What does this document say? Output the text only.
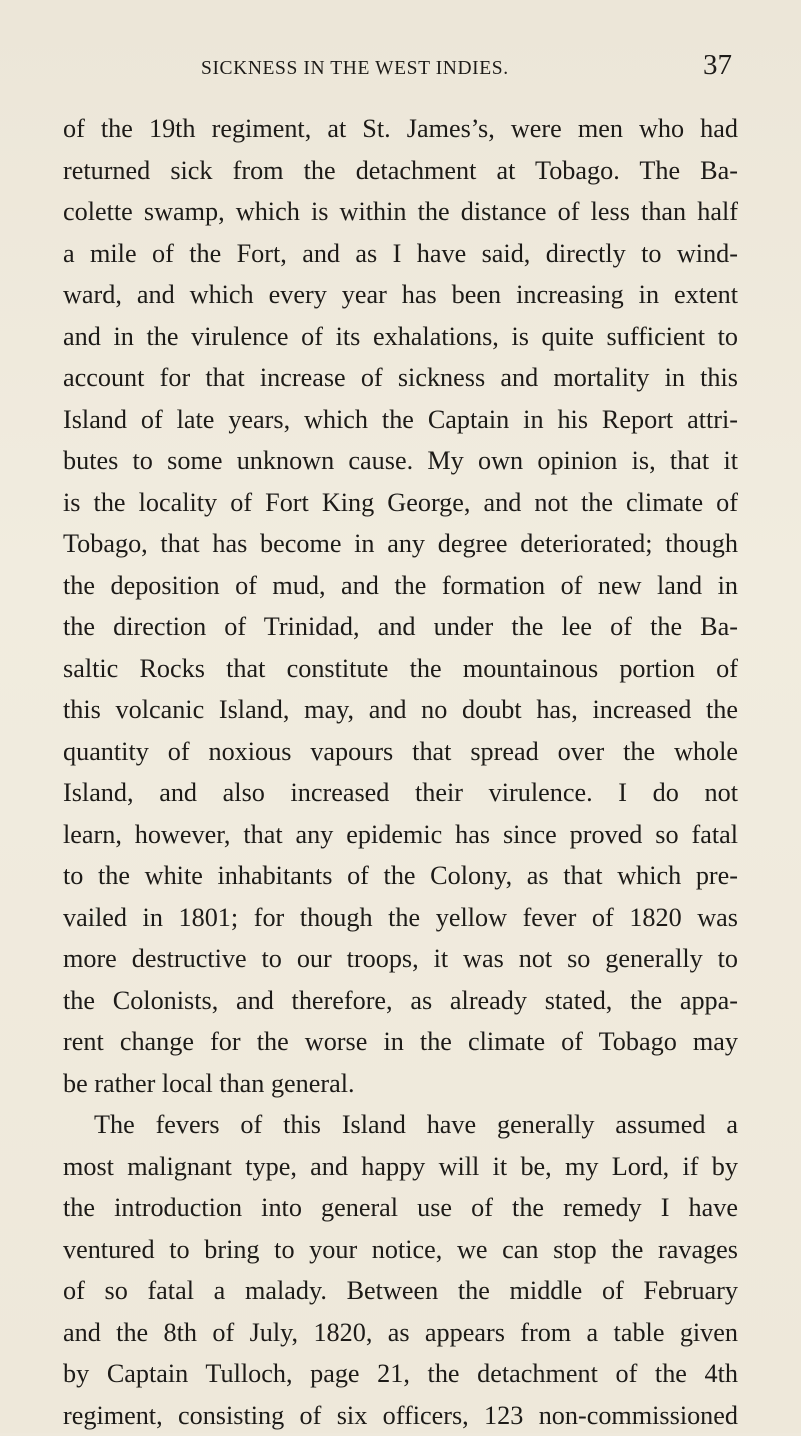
SICKNESS IN THE WEST INDIES.	37
of the 19th regiment, at St. James’s, were men who had
returned sick from the detachment at Tobago. The Ba-
colette swamp, which is within the distance of less than half
a mile of the Fort, and as I have said, directly to wind-
ward, and which every year has been increasing in extent
and in the virulence of its exhalations, is quite sufficient to
account for that increase of sickness and mortality in this
Island of late years, which the Captain in his Report attri-
butes to some unknown cause. My own opinion is, that it
is the locality of Fort King George, and not the climate of
Tobago, that has become in any degree deteriorated; though
the deposition of mud, and the formation of new land in
the direction of Trinidad, and under the lee of the Ba-
saltic Rocks that constitute the mountainous portion of
this volcanic Island, may, and no doubt has, increased the
quantity of noxious vapours that spread over the whole
Island, and also increased their virulence. I do not
learn, however, that any epidemic has since proved so fatal
to the white inhabitants of the Colony, as that which pre-
vailed in 1801; for though the yellow fever of 1820 was
more destructive to our troops, it was not so generally to
the Colonists, and therefore, as already stated, the appa-
rent change for the worse in the climate of Tobago may
be rather local than general.
The fevers of this Island have generally assumed a
most malignant type, and happy will it be, my Lord, if by
the introduction into general use of the remedy I have
ventured to bring to your notice, we can stop the ravages
of so fatal a malady. Between the middle of February
and the 8th of July, 1820, as appears from a table given
by Captain Tulloch, page 21, the detachment of the 4th
regiment, consisting of six officers, 123 non-commissioned
